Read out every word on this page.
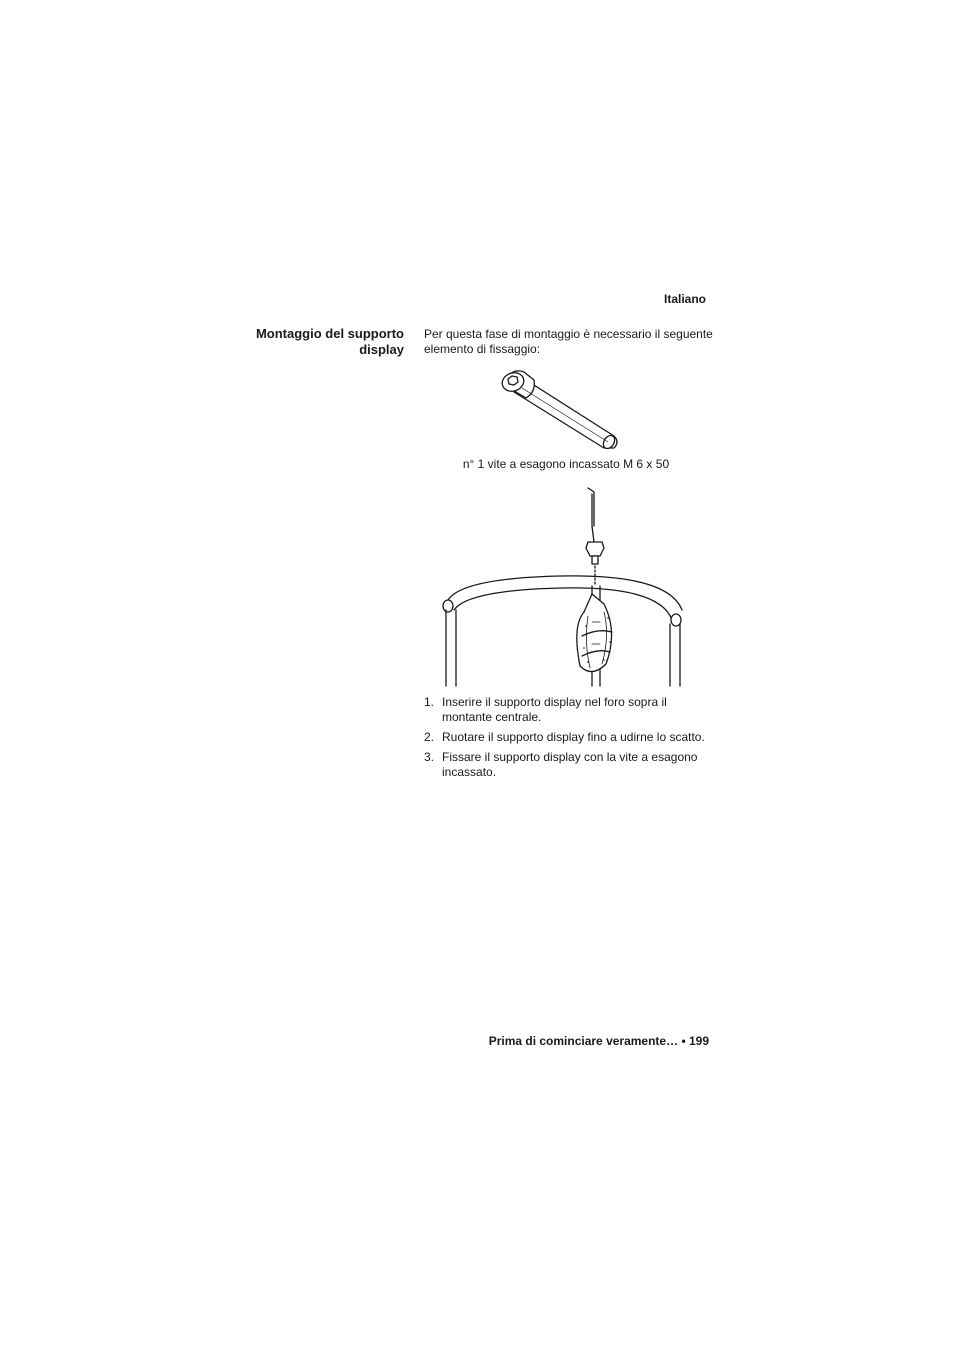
Italiano
Montaggio del supporto
display
Per questa fase di montaggio è necessario il seguente elemento di fissaggio:
n° 1 vite a esagono incassato M 6 x 50
1. Inserire il supporto display nel foro sopra il montante centrale.
2. Ruotare il supporto display fino a udirne lo scatto.
3. Fissare il supporto display con la vite a esagono incassato.
Prima di cominciare veramente… • 199
